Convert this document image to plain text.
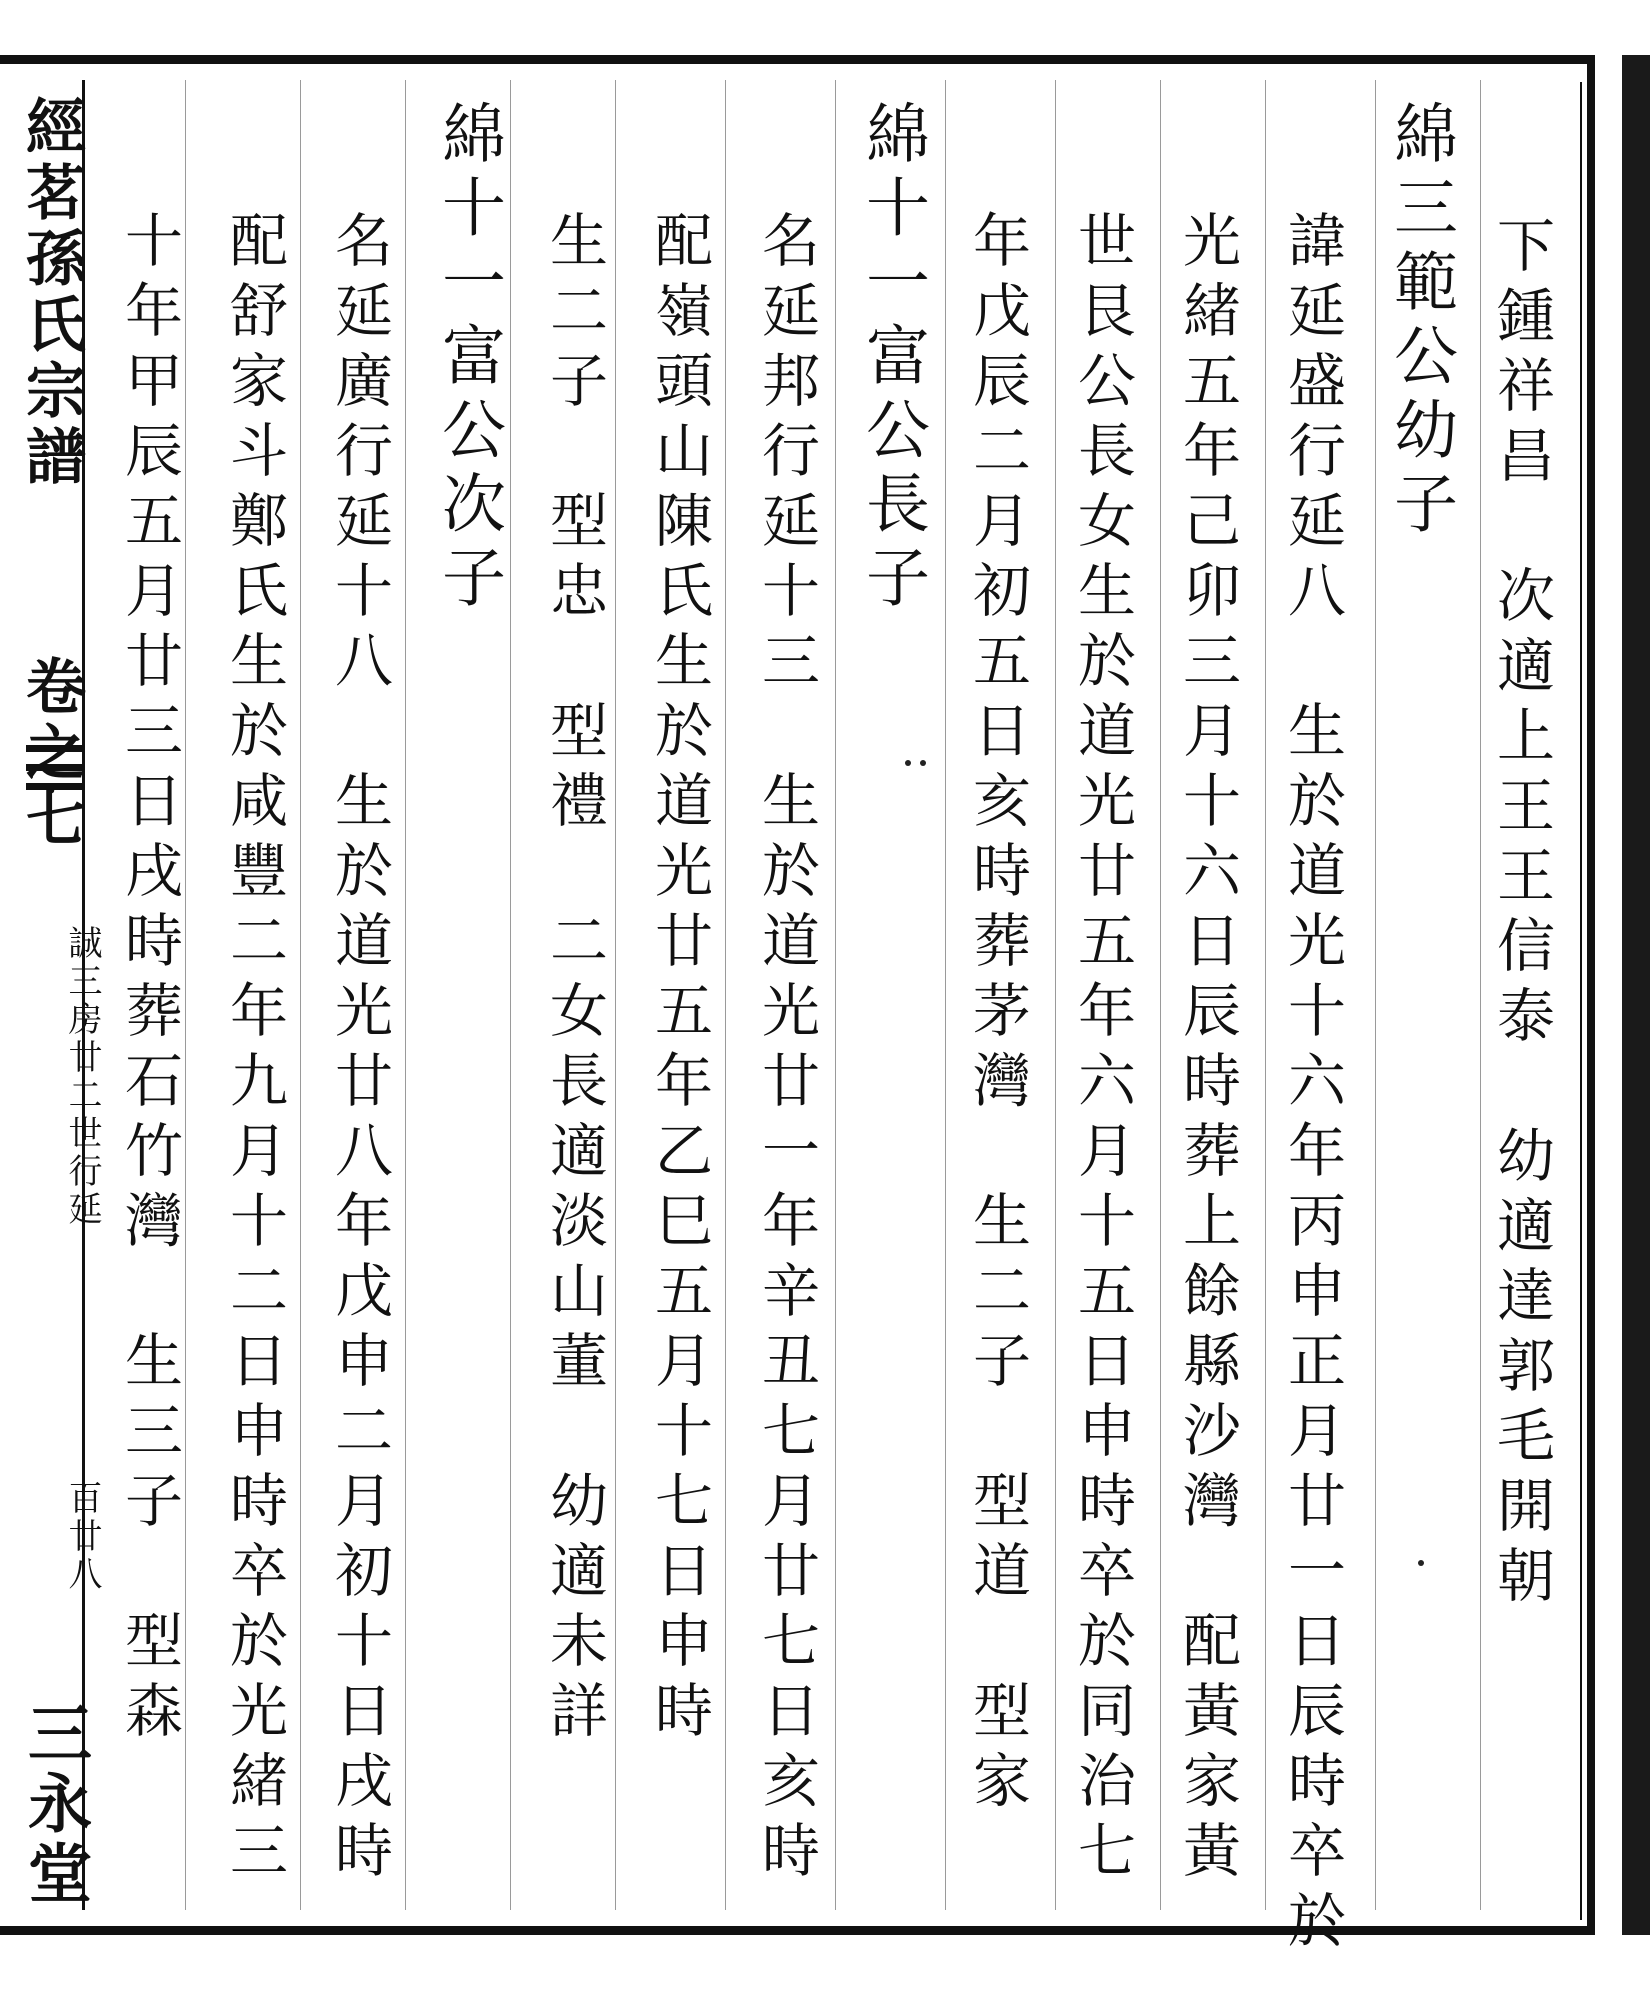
經茗孫氏宗譜
卷之七
誠三房廿二世行延
百廿八
三永堂
下鍾祥昌　次適上王王信泰　幼適達郭毛開朝
綿三範公幼子
　諱延盛行延八　生於道光十六年丙申正月廿一日辰時卒於
光緒五年己卯三月十六日辰時葬上餘縣沙灣　配黃家黃
世艮公長女生於道光廿五年六月十五日申時卒於同治七
年戊辰二月初五日亥時葬茅灣　生二子　型道　型家
綿十一富公長子
　名延邦行延十三　生於道光廿一年辛丑七月廿七日亥時
配嶺頭山陳氏生於道光廿五年乙巳五月十七日申時
生二子　型忠　型禮　二女長適淡山董　幼適未詳
綿十一富公次子
　名延廣行延十八　生於道光廿八年戊申二月初十日戌時
配舒家斗鄭氏生於咸豐二年九月十二日申時卒於光緒三
十年甲辰五月廿三日戌時葬石竹灣　生三子　型森
